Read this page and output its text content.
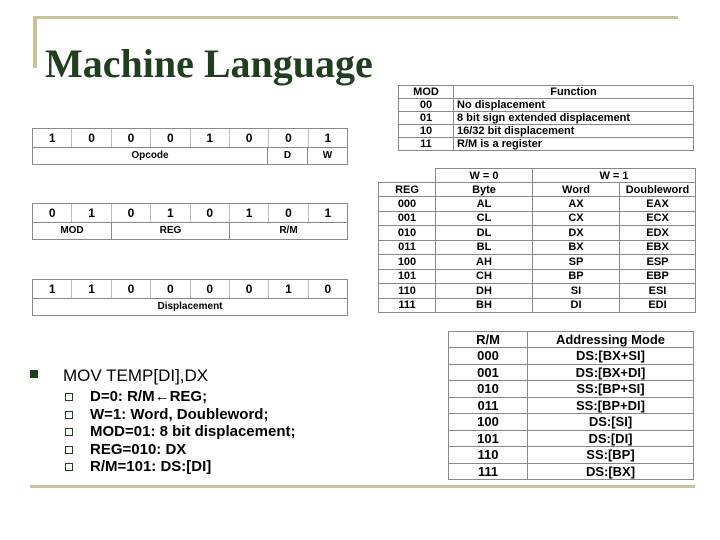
Machine Language
1	0	0	0	1	0	0	1
Opcode	D	W
0	1	0	1	0	1	0	1
MOD	REG	R/M
1	1	0	0	0	0	1	0
Displacement
MOD	Function
00	No displacement
01	8 bit sign extended displacement
10	16/32 bit displacement
11	R/M is a register
	W = 0	W = 1	
REG	Byte	Word	Doubleword
000	AL	AX	EAX
001	CL	CX	ECX
010	DL	DX	EDX
011	BL	BX	EBX
100	AH	SP	ESP
101	CH	BP	EBP
110	DH	SI	ESI
111	BH	DI	EDI
R/M	Addressing Mode
000	DS:[BX+SI]
001	DS:[BX+DI]
010	SS:[BP+SI]
011	SS:[BP+DI]
100	DS:[SI]
101	DS:[DI]
110	SS:[BP]
111	DS:[BX]
MOV TEMP[DI],DX
D=0: R/M←REG;
W=1: Word, Doubleword;
MOD=01: 8 bit displacement;
REG=010: DX
R/M=101: DS:[DI]
